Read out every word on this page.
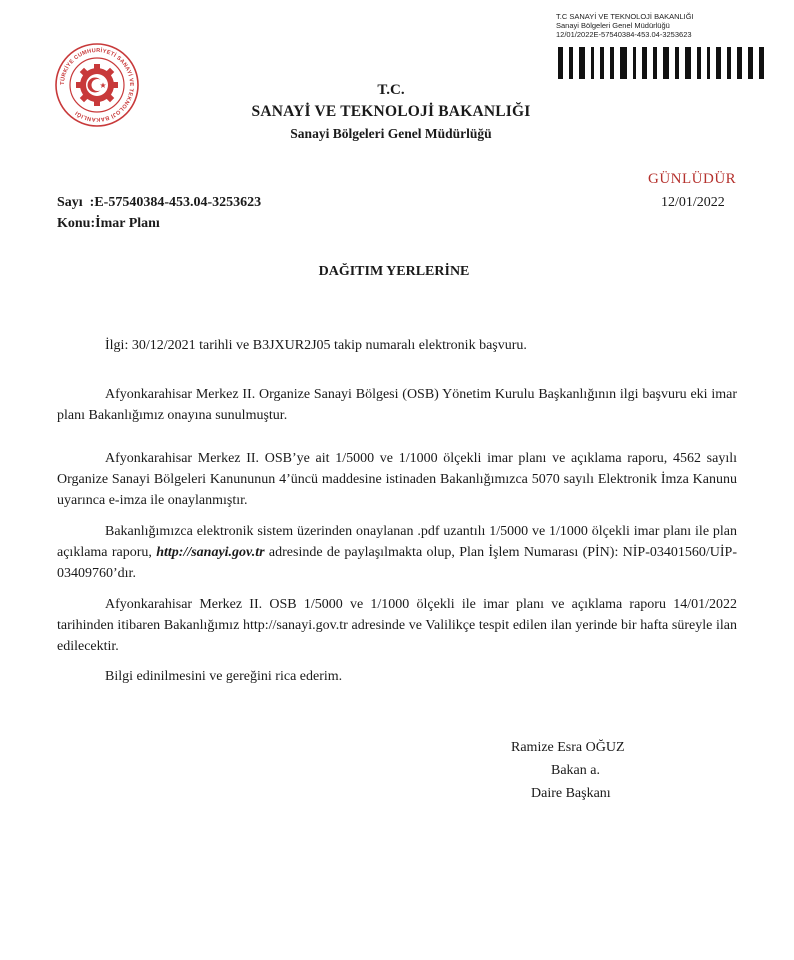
TÜRKİYE CUMHURİYETİ SANAYİ VE TEKNOLOJİ BAKANLIĞI
T.C SANAYİ VE TEKNOLOJİ BAKANLIĞI
Sanayi Bölgeleri Genel Müdürlüğü
12/01/2022E-57540384-453.04-3253623
T.C.
SANAYİ VE TEKNOLOJİ BAKANLIĞI
Sanayi Bölgeleri Genel Müdürlüğü
GÜNLÜDÜR
12/01/2022
Sayı  :E-57540384-453.04-3253623
Konu:İmar Planı
DAĞITIM YERLERİNE
İlgi: 30/12/2021 tarihli ve B3JXUR2J05 takip numaralı elektronik başvuru.
Afyonkarahisar Merkez II. Organize Sanayi Bölgesi (OSB) Yönetim Kurulu Başkanlığının ilgi başvuru eki imar planı Bakanlığımız onayına sunulmuştur.
Afyonkarahisar Merkez II. OSB’ye ait 1/5000 ve 1/1000 ölçekli imar planı ve açıklama raporu, 4562 sayılı Organize Sanayi Bölgeleri Kanununun 4’üncü maddesine istinaden Bakanlığımızca 5070 sayılı Elektronik İmza Kanunu uyarınca e-imza ile onaylanmıştır.
Bakanlığımızca elektronik sistem üzerinden onaylanan .pdf uzantılı 1/5000 ve 1/1000 ölçekli imar planı ile plan açıklama raporu, http://sanayi.gov.tr adresinde de paylaşılmakta olup, Plan İşlem Numarası (PİN): NİP-03401560/UİP-03409760’dır.
Afyonkarahisar Merkez II. OSB 1/5000 ve 1/1000 ölçekli ile imar planı ve açıklama raporu 14/01/2022 tarihinden itibaren Bakanlığımız http://sanayi.gov.tr adresinde ve Valilikçe tespit edilen ilan yerinde bir hafta süreyle ilan edilecektir.
Bilgi edinilmesini ve gereğini rica ederim.
Ramize Esra OĞUZ
Bakan a.
Daire Başkanı
